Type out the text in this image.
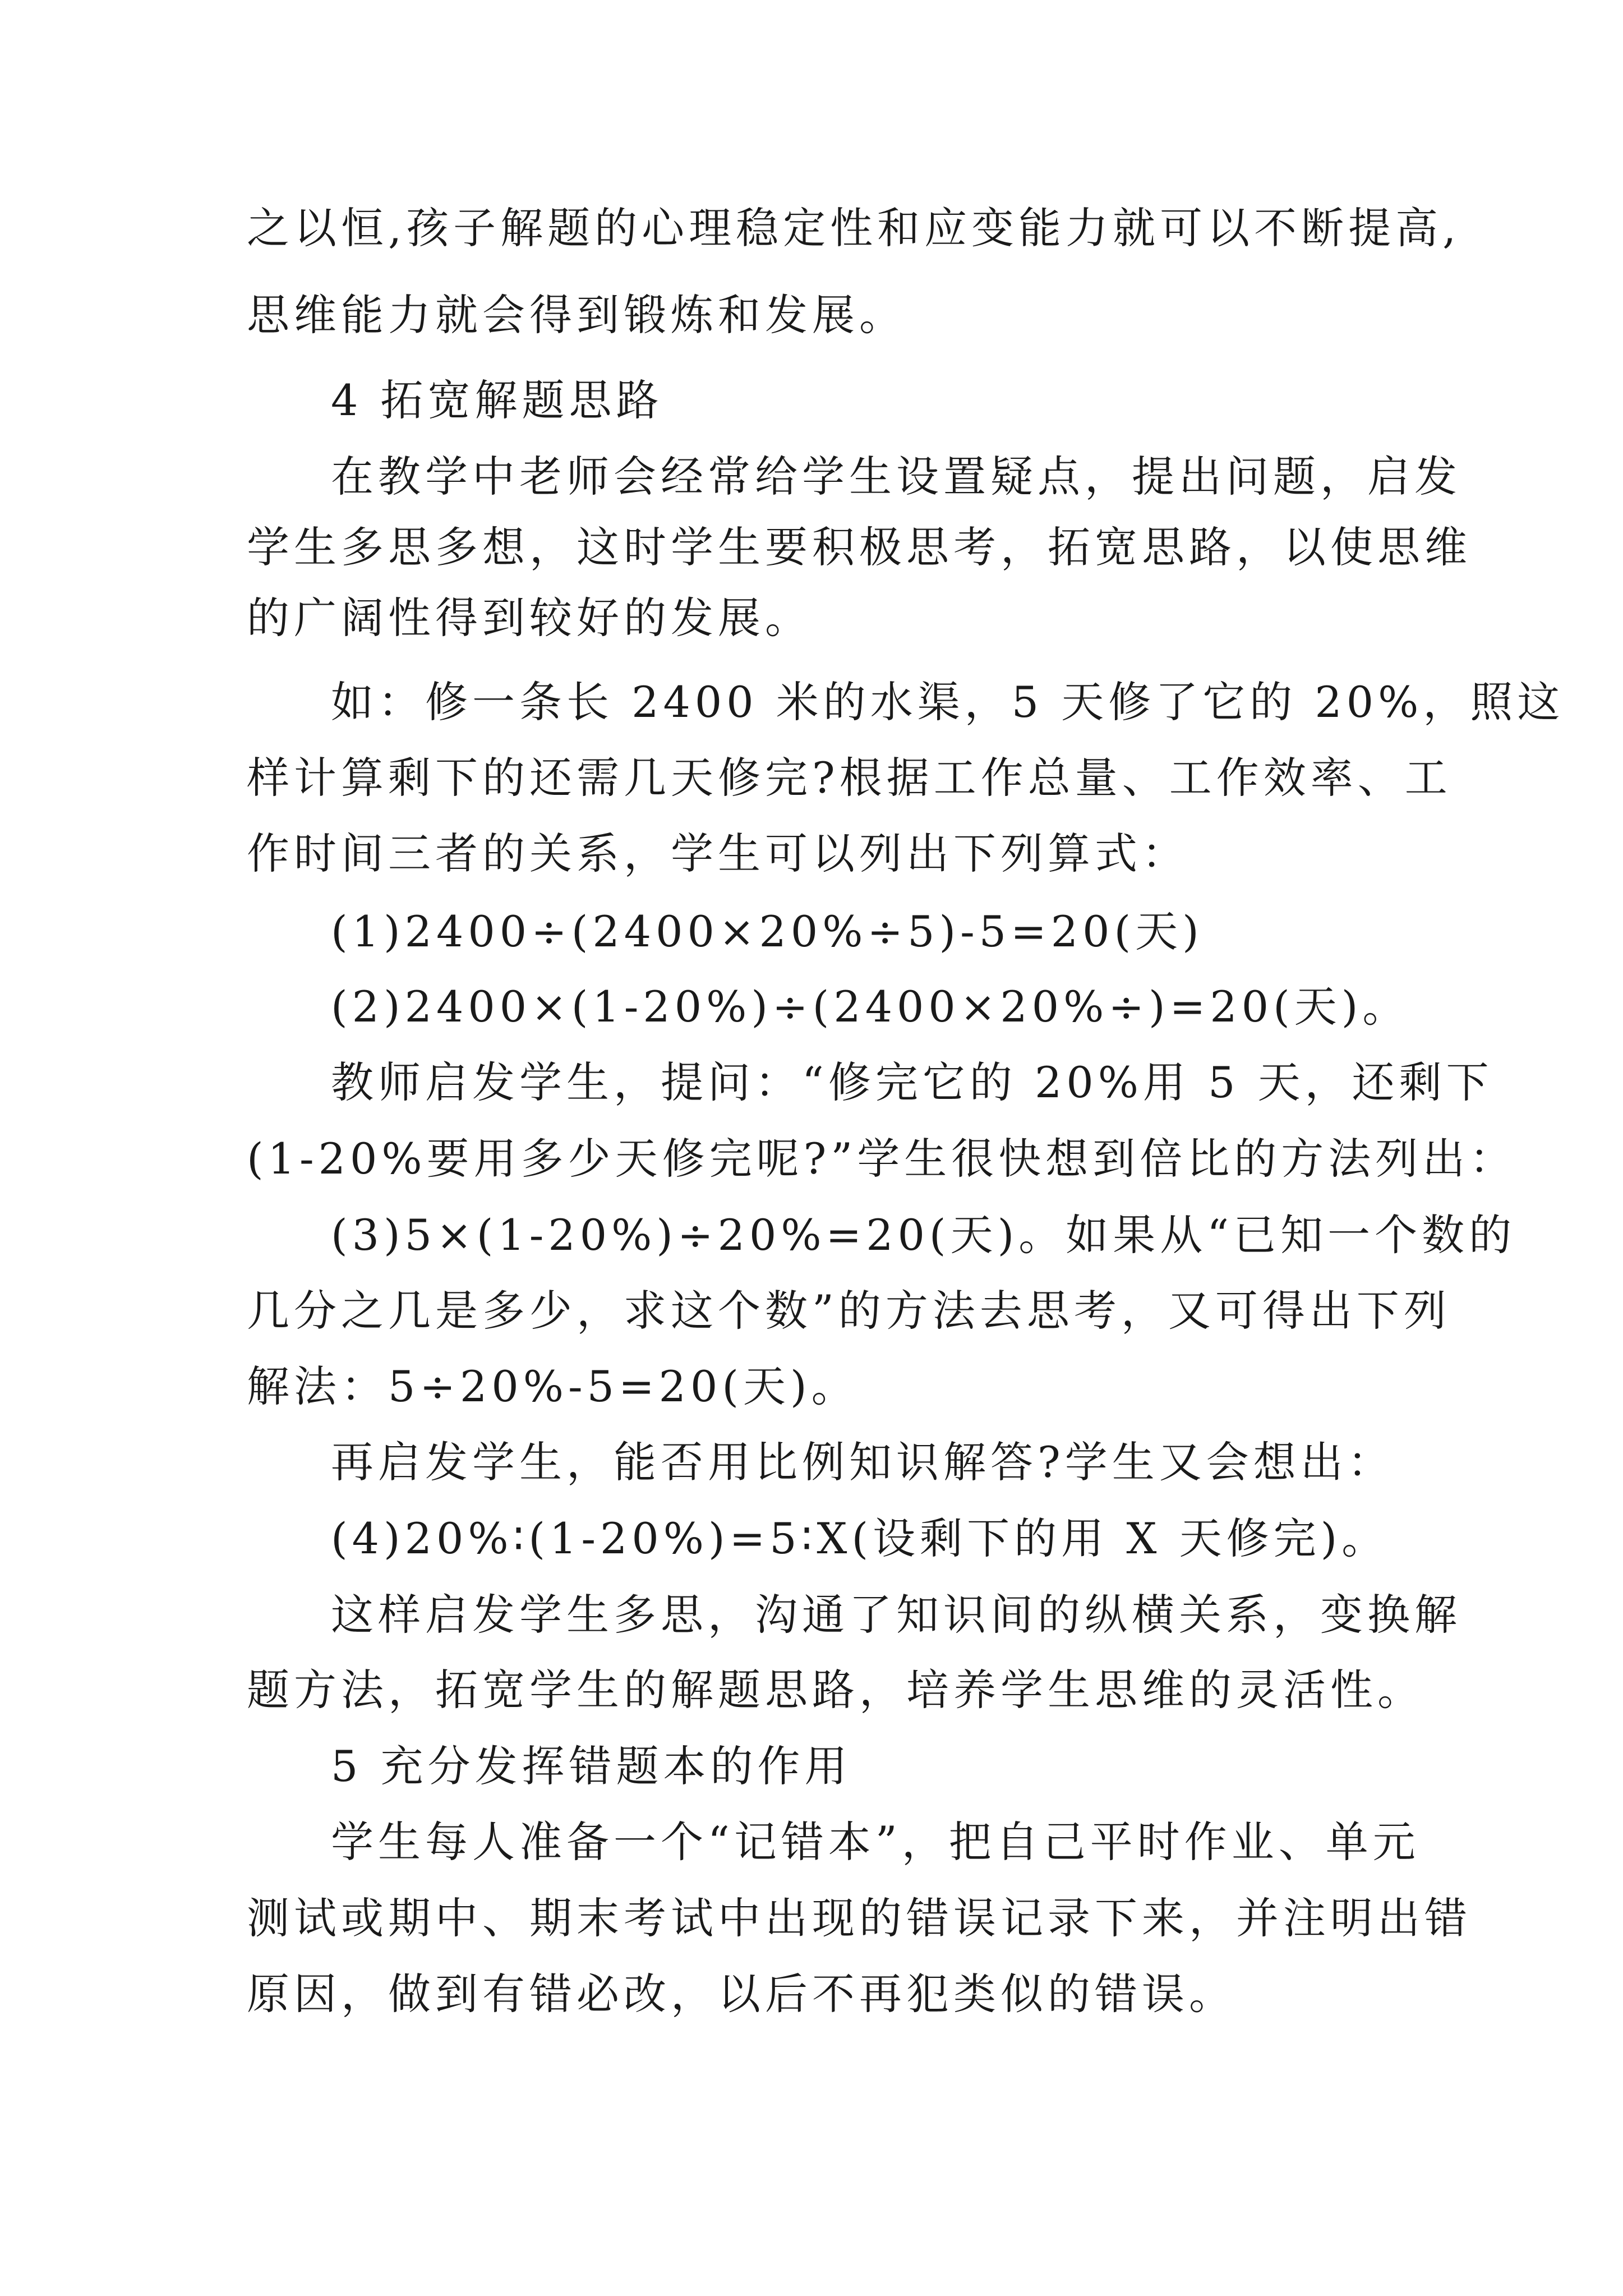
之以恒,孩子解题的心理稳定性和应变能力就可以不断提高,
思维能力就会得到锻炼和发展。
4 拓宽解题思路
在教学中老师会经常给学生设置疑点，提出问题，启发
学生多思多想，这时学生要积极思考，拓宽思路，以使思维
的广阔性得到较好的发展。
如：修一条长 2400 米的水渠，5 天修了它的 20%，照这
样计算剩下的还需几天修完?根据工作总量、工作效率、工
作时间三者的关系，学生可以列出下列算式：
(1)2400÷(2400×20%÷5)-5=20(天)
(2)2400×(1-20%)÷(2400×20%÷)=20(天)。
教师启发学生，提问：“修完它的 20%用 5 天，还剩下
(1-20%要用多少天修完呢?”学生很快想到倍比的方法列出：
(3)5×(1-20%)÷20%=20(天)。如果从“已知一个数的
几分之几是多少，求这个数”的方法去思考，又可得出下列
解法：5÷20%-5=20(天)。
再启发学生，能否用比例知识解答?学生又会想出：
(4)20%∶(1-20%)=5∶X(设剩下的用 X 天修完)。
这样启发学生多思，沟通了知识间的纵横关系，变换解
题方法，拓宽学生的解题思路，培养学生思维的灵活性。
5 充分发挥错题本的作用
学生每人准备一个“记错本”，把自己平时作业、单元
测试或期中、期末考试中出现的错误记录下来，并注明出错
原因，做到有错必改，以后不再犯类似的错误。
